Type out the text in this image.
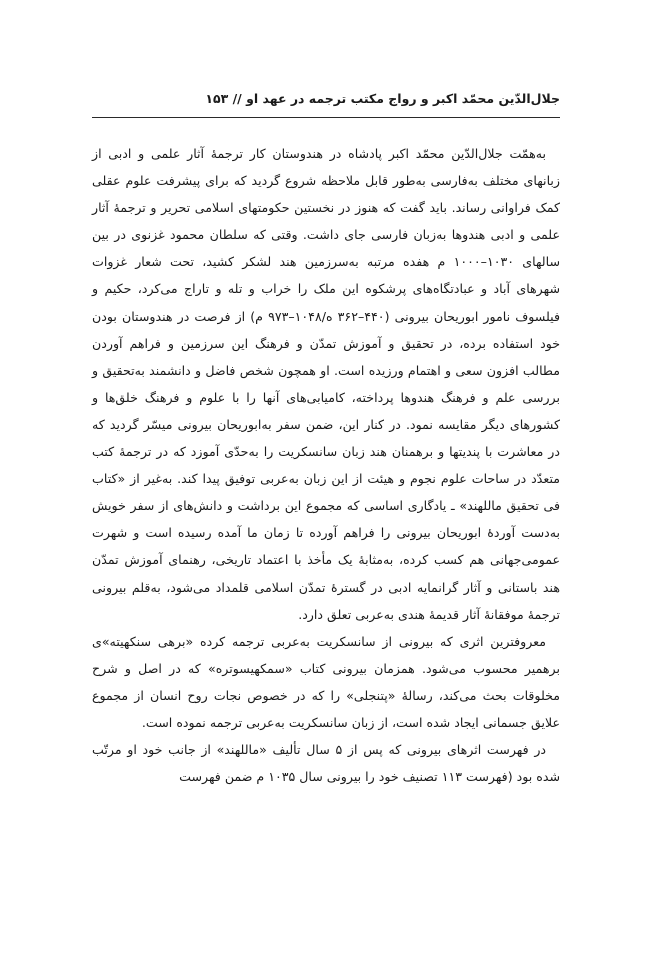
جلال‌الدّین محمّد اکبر و رواج مکتب ترجمه در عهد او // ۱۵۳

به‌همّت جلال‌الدّین محمّد اکبر پادشاه در هندوستان کار ترجمۀ آثار علمی و ادبی از زبانهای مختلف به‌فارسی به‌طور قابل ملاحظه شروع گردید که برای پیشرفت علوم عقلی کمک فراوانی رساند. باید گفت که هنوز در نخستین حکومتهای اسلامی تحریر و ترجمۀ آثار علمی و ادبی هندوها به‌زبان فارسی جای داشت. وقتی که سلطان محمود غزنوی در بین سالهای ۱۰۳۰–۱۰۰۰ م هفده مرتبه به‌سرزمین هند لشکر کشید، تحت شعار غزوات شهرهای آباد و عبادتگاه‌های پرشکوه این ملک را خراب و تله و تاراج می‌کرد، حکیم و فیلسوف نامور ابوریحان بیرونی (۴۴۰–۳۶۲ ه/۱۰۴۸–۹۷۳ م) از فرصت در هندوستان بودن خود استفاده برده، در تحقیق و آموزش تمدّن و فرهنگ این سرزمین و فراهم آوردن مطالب افزون سعی و اهتمام ورزیده است. او همچون شخص فاضل و دانشمند به‌تحقیق و بررسی علم و فرهنگ هندوها پرداخته، کامیابی‌های آنها را با علوم و فرهنگ خلق‌ها و کشورهای دیگر مقایسه نمود. در کنار این، ضمن سفر به‌ابوریحان بیرونی میسّر گردید که در معاشرت با پندیتها و برهمنان هند زبان سانسکریت را به‌حدّی آموزد که در ترجمۀ کتب متعدّد در ساحات علوم نجوم و هیئت از این زبان به‌عربی توفیق پیدا کند. به‌غیر از «کتاب فی تحقیق ماللهند» ـ یادگاری اساسی که مجموع این برداشت و دانش‌های از سفر خویش به‌دست آوردۀ ابوریحان بیرونی را فراهم آورده تا زمان ما آمده رسیده است و شهرت عمومی‌جهانی هم کسب کرده، به‌مثابۀ یک مأخذ با اعتماد تاریخی، رهنمای آموزش تمدّن هند باستانی و آثار گرانمایه ادبی در گسترۀ تمدّن اسلامی قلمداد می‌شود، به‌قلم بیرونی ترجمۀ موفقانۀ آثار قدیمۀ هندی به‌عربی تعلق دارد.

معروفترین اثری که بیرونی از سانسکریت به‌عربی ترجمه کرده «برهی سنکهیته»ی برهمیر محسوب می‌شود. همزمان بیرونی کتاب «سمکهیسوتره» که در اصل و شرح مخلوقات بحث می‌کند، رسالۀ «پتنجلی» را که در خصوص نجات روح انسان از مجموع علایق جسمانی ایجاد شده است، از زبان سانسکریت به‌عربی ترجمه نموده است.

در فهرست اثرهای بیرونی که پس از ۵ سال تألیف «ماللهند» از جانب خود او مرتّب شده بود (فهرست ۱۱۳ تصنیف خود را بیرونی سال ۱۰۳۵ م ضمن فهرست
